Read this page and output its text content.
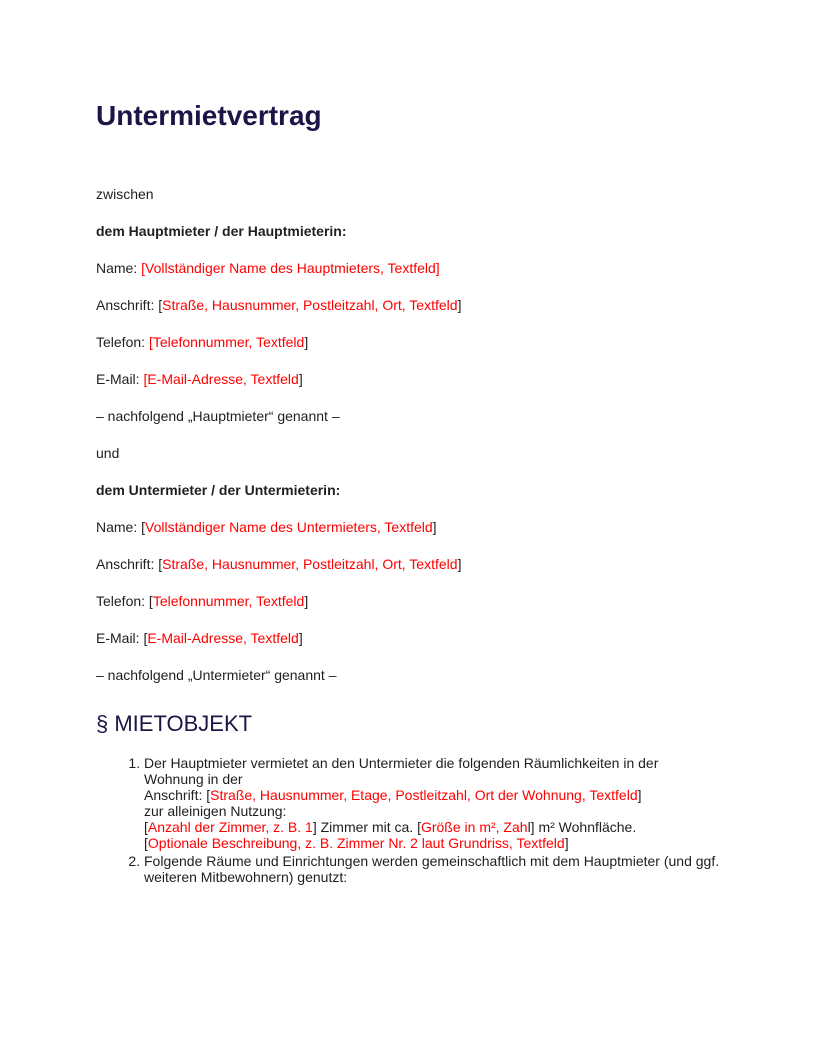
Untermietvertrag

zwischen

dem Hauptmieter / der Hauptmieterin:

Name: [Vollständiger Name des Hauptmieters, Textfeld]

Anschrift: [Straße, Hausnummer, Postleitzahl, Ort, Textfeld]

Telefon: [Telefonnummer, Textfeld]

E-Mail: [E-Mail-Adresse, Textfeld]

– nachfolgend „Hauptmieter“ genannt –

und

dem Untermieter / der Untermieterin:

Name: [Vollständiger Name des Untermieters, Textfeld]

Anschrift: [Straße, Hausnummer, Postleitzahl, Ort, Textfeld]

Telefon: [Telefonnummer, Textfeld]

E-Mail: [E-Mail-Adresse, Textfeld]

– nachfolgend „Untermieter“ genannt –

§ MIETOBJEKT
1. Der Hauptmieter vermietet an den Untermieter die folgenden Räumlichkeiten in der Wohnung in der
Anschrift: [Straße, Hausnummer, Etage, Postleitzahl, Ort der Wohnung, Textfeld]
zur alleinigen Nutzung:
[Anzahl der Zimmer, z. B. 1] Zimmer mit ca. [Größe in m², Zahl] m² Wohnfläche.
[Optionale Beschreibung, z. B. Zimmer Nr. 2 laut Grundriss, Textfeld]
2. Folgende Räume und Einrichtungen werden gemeinschaftlich mit dem Hauptmieter (und ggf. weiteren Mitbewohnern) genutzt:
